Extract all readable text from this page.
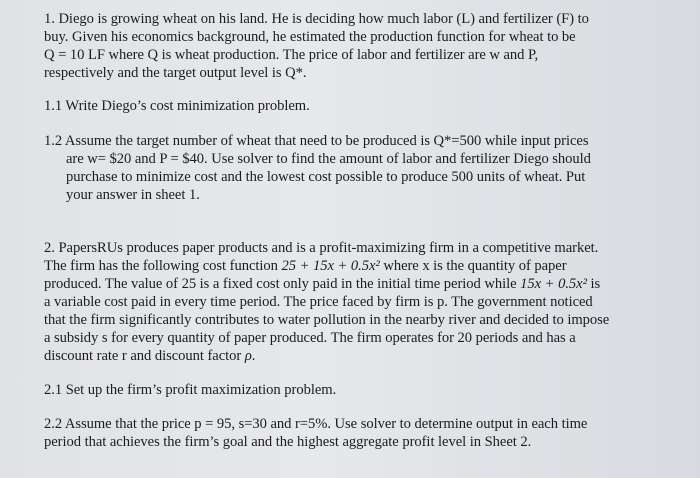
1. Diego is growing wheat on his land. He is deciding how much labor (L) and fertilizer (F) to
buy. Given his economics background, he estimated the production function for wheat to be
Q = 10 LF where Q is wheat production. The price of labor and fertilizer are w and P,
respectively and the target output level is Q*.
1.1 Write Diego’s cost minimization problem.
1.2 Assume the target number of wheat that need to be produced is Q*=500 while input prices
are w= $20 and P = $40. Use solver to find the amount of labor and fertilizer Diego should
purchase to minimize cost and the lowest cost possible to produce 500 units of wheat. Put
your answer in sheet 1.
2. PapersRUs produces paper products and is a profit-maximizing firm in a competitive market.
The firm has the following cost function 25 + 15x + 0.5x² where x is the quantity of paper
produced. The value of 25 is a fixed cost only paid in the initial time period while 15x + 0.5x² is
a variable cost paid in every time period. The price faced by firm is p. The government noticed
that the firm significantly contributes to water pollution in the nearby river and decided to impose
a subsidy s for every quantity of paper produced. The firm operates for 20 periods and has a
discount rate r and discount factor ρ.
2.1 Set up the firm’s profit maximization problem.
2.2 Assume that the price p = 95, s=30 and r=5%. Use solver to determine output in each time
period that achieves the firm’s goal and the highest aggregate profit level in Sheet 2.
